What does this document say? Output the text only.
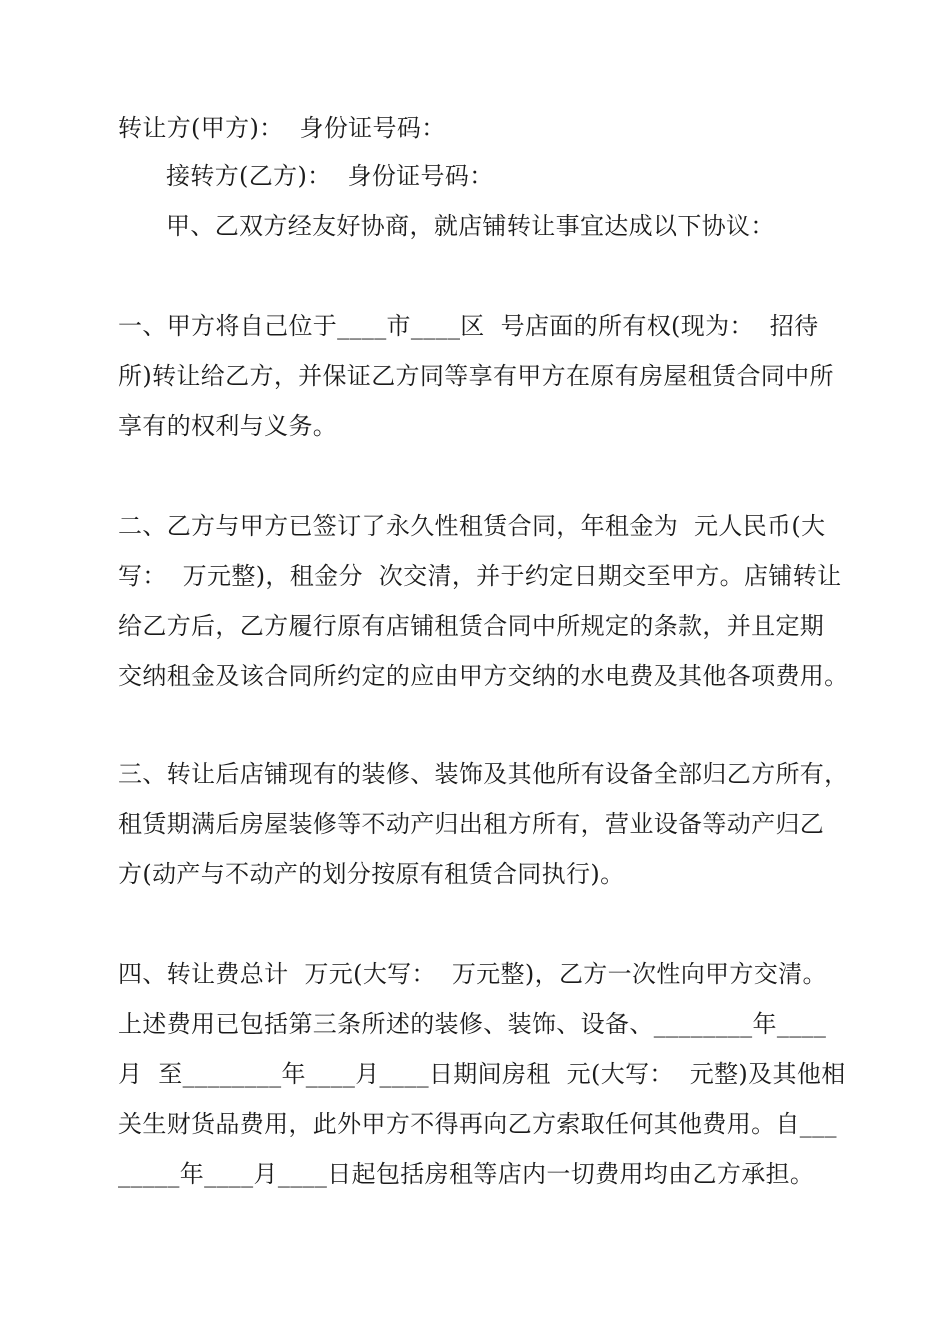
转让方(甲方)：  身份证号码：
接转方(乙方)：  身份证号码：
甲、乙双方经友好协商，就店铺转让事宜达成以下协议：
一、甲方将自己位于____市____区  号店面的所有权(现为：  招待
所)转让给乙方，并保证乙方同等享有甲方在原有房屋租赁合同中所
享有的权利与义务。
二、乙方与甲方已签订了永久性租赁合同，年租金为  元人民币(大
写：  万元整)，租金分  次交清，并于约定日期交至甲方。店铺转让
给乙方后，乙方履行原有店铺租赁合同中所规定的条款，并且定期
交纳租金及该合同所约定的应由甲方交纳的水电费及其他各项费用。
三、转让后店铺现有的装修、装饰及其他所有设备全部归乙方所有，
租赁期满后房屋装修等不动产归出租方所有，营业设备等动产归乙
方(动产与不动产的划分按原有租赁合同执行)。
四、转让费总计  万元(大写：  万元整)，乙方一次性向甲方交清。
上述费用已包括第三条所述的装修、装饰、设备、________年____
月  至________年____月____日期间房租  元(大写：  元整)及其他相
关生财货品费用，此外甲方不得再向乙方索取任何其他费用。自___
_____年____月____日起包括房租等店内一切费用均由乙方承担。
